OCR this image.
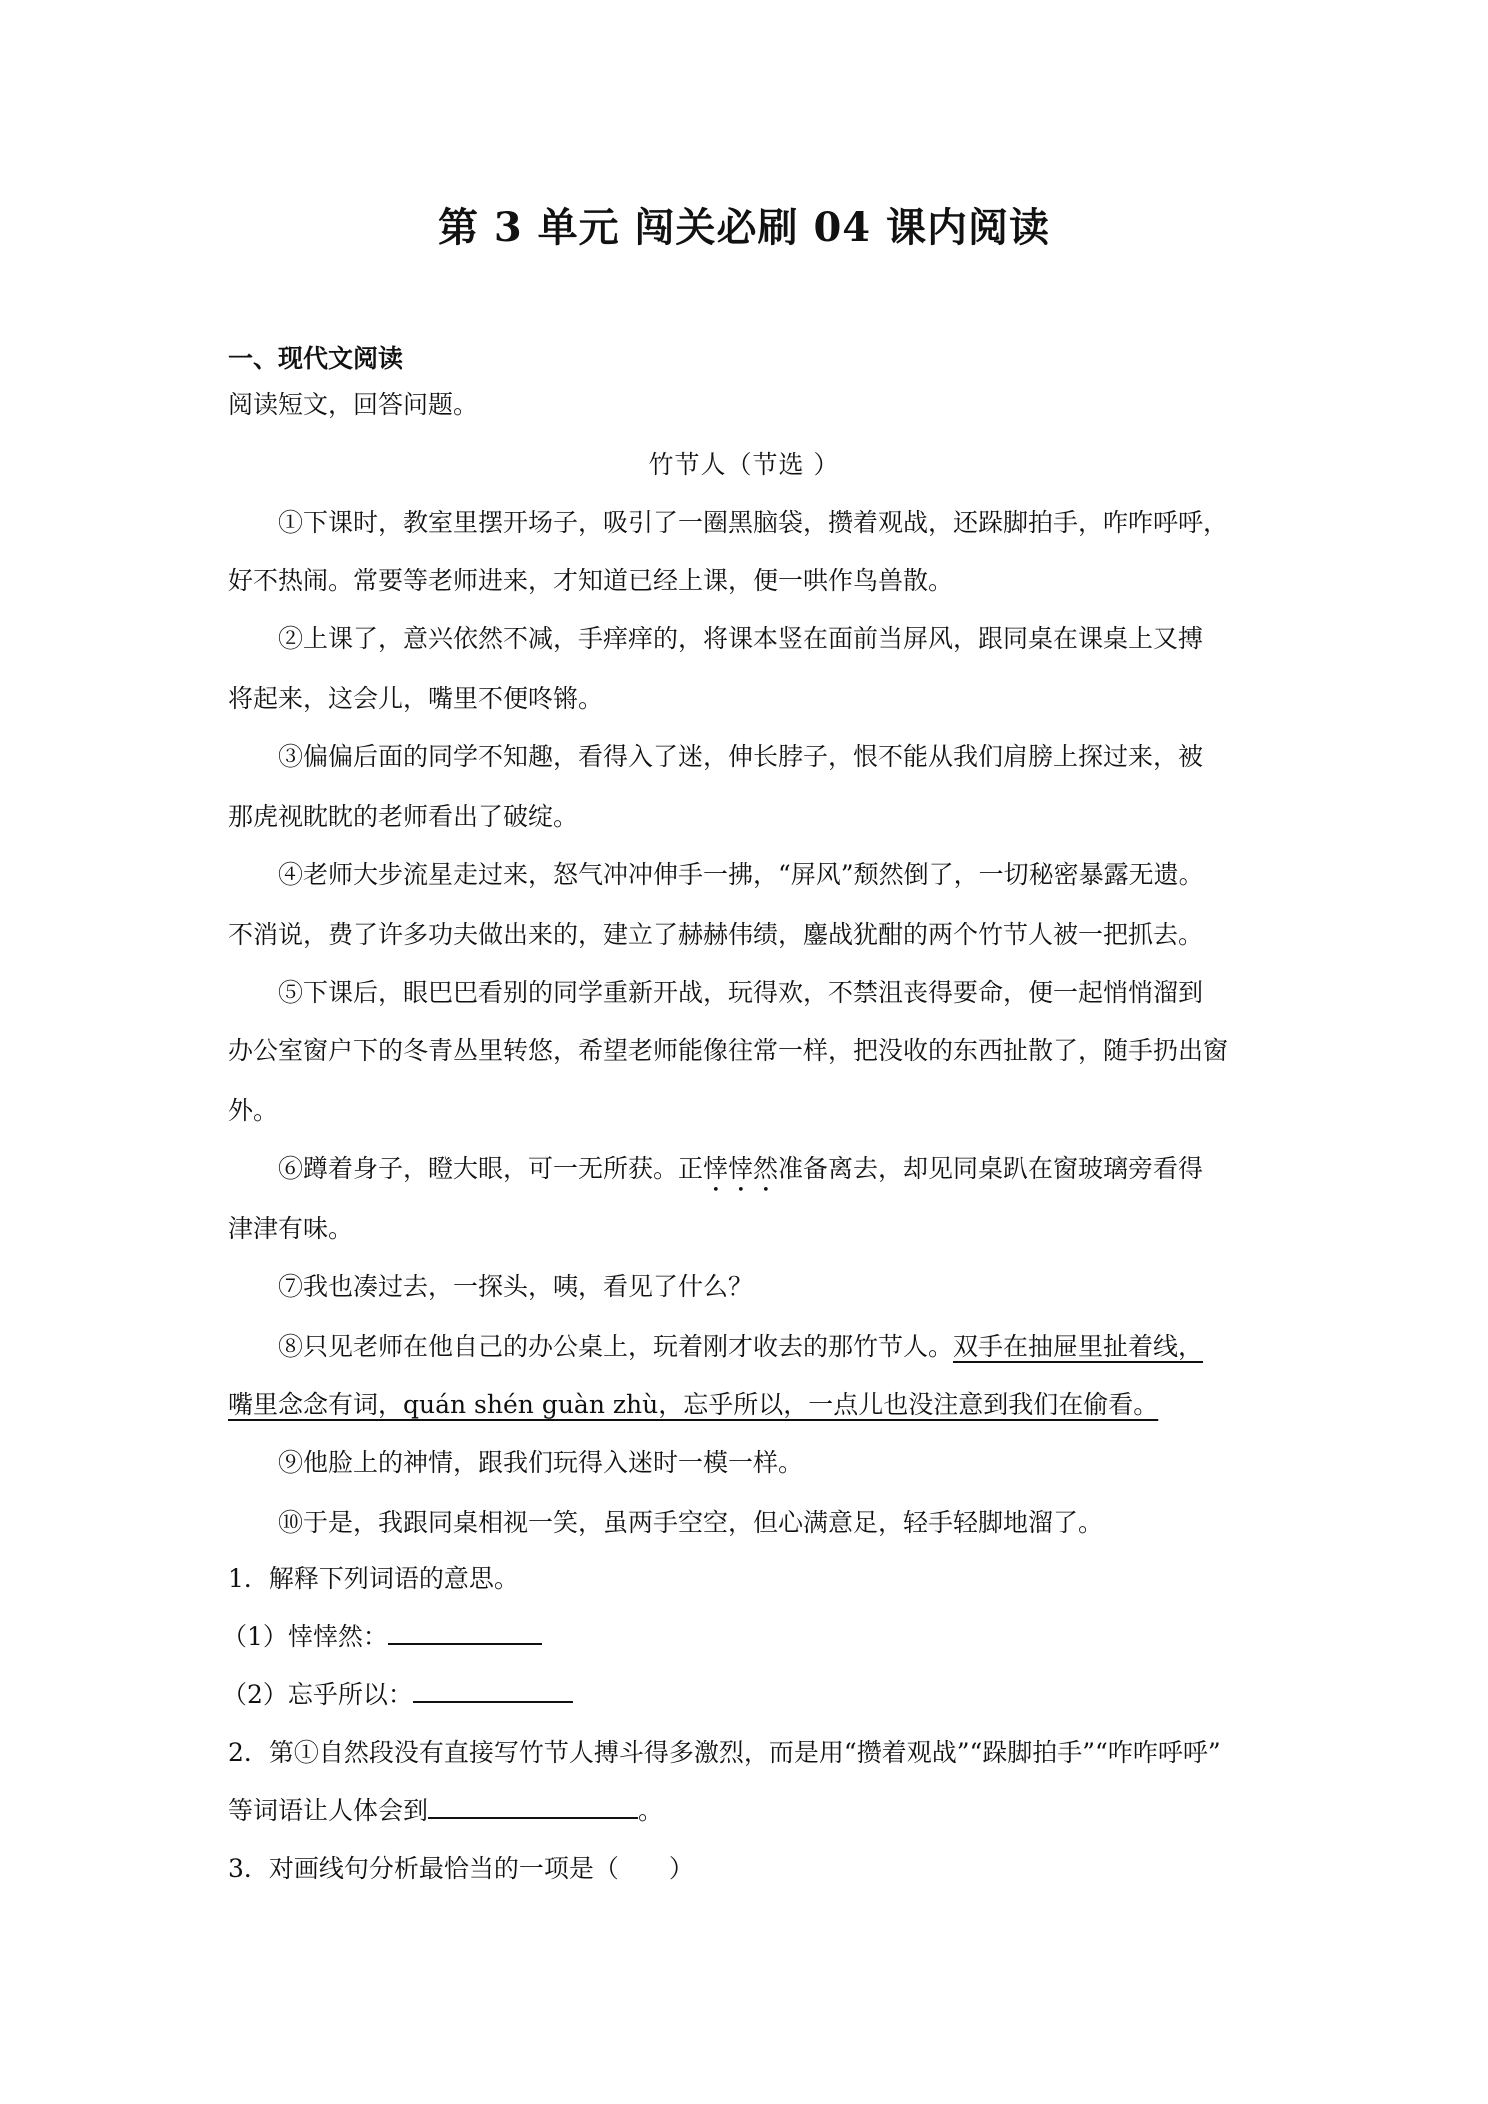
第 3 单元 闯关必刷 04 课内阅读
一、现代文阅读
阅读短文，回答问题。
竹节人（节选 ）
①下课时，教室里摆开场子，吸引了一圈黑脑袋，攒着观战，还跺脚拍手，咋咋呼呼，
好不热闹。常要等老师进来，才知道已经上课，便一哄作鸟兽散。
②上课了，意兴依然不减，手痒痒的，将课本竖在面前当屏风，跟同桌在课桌上又搏
将起来，这会儿，嘴里不便咚锵。
③偏偏后面的同学不知趣，看得入了迷，伸长脖子，恨不能从我们肩膀上探过来，被
那虎视眈眈的老师看出了破绽。
④老师大步流星走过来，怒气冲冲伸手一拂，“屏风”颓然倒了，一切秘密暴露无遗。
不消说，费了许多功夫做出来的，建立了赫赫伟绩，鏖战犹酣的两个竹节人被一把抓去。
⑤下课后，眼巴巴看别的同学重新开战，玩得欢，不禁沮丧得要命，便一起悄悄溜到
办公室窗户下的冬青丛里转悠，希望老师能像往常一样，把没收的东西扯散了，随手扔出窗
外。
⑥蹲着身子，瞪大眼，可一无所获。正悻悻然准备离去，却见同桌趴在窗玻璃旁看得
津津有味。
⑦我也凑过去，一探头，咦，看见了什么？
⑧只见老师在他自己的办公桌上，玩着刚才收去的那竹节人。双手在抽屉里扯着线，
嘴里念念有词，quán shén guàn zhù，忘乎所以，一点儿也没注意到我们在偷看。
⑨他脸上的神情，跟我们玩得入迷时一模一样。
⑩于是，我跟同桌相视一笑，虽两手空空，但心满意足，轻手轻脚地溜了。
1．解释下列词语的意思。
（1）悻悻然：
（2）忘乎所以：
2．第①自然段没有直接写竹节人搏斗得多激烈，而是用“攒着观战”“跺脚拍手”“咋咋呼呼”
等词语让人体会到	。
3．对画线句分析最恰当的一项是（　　）
